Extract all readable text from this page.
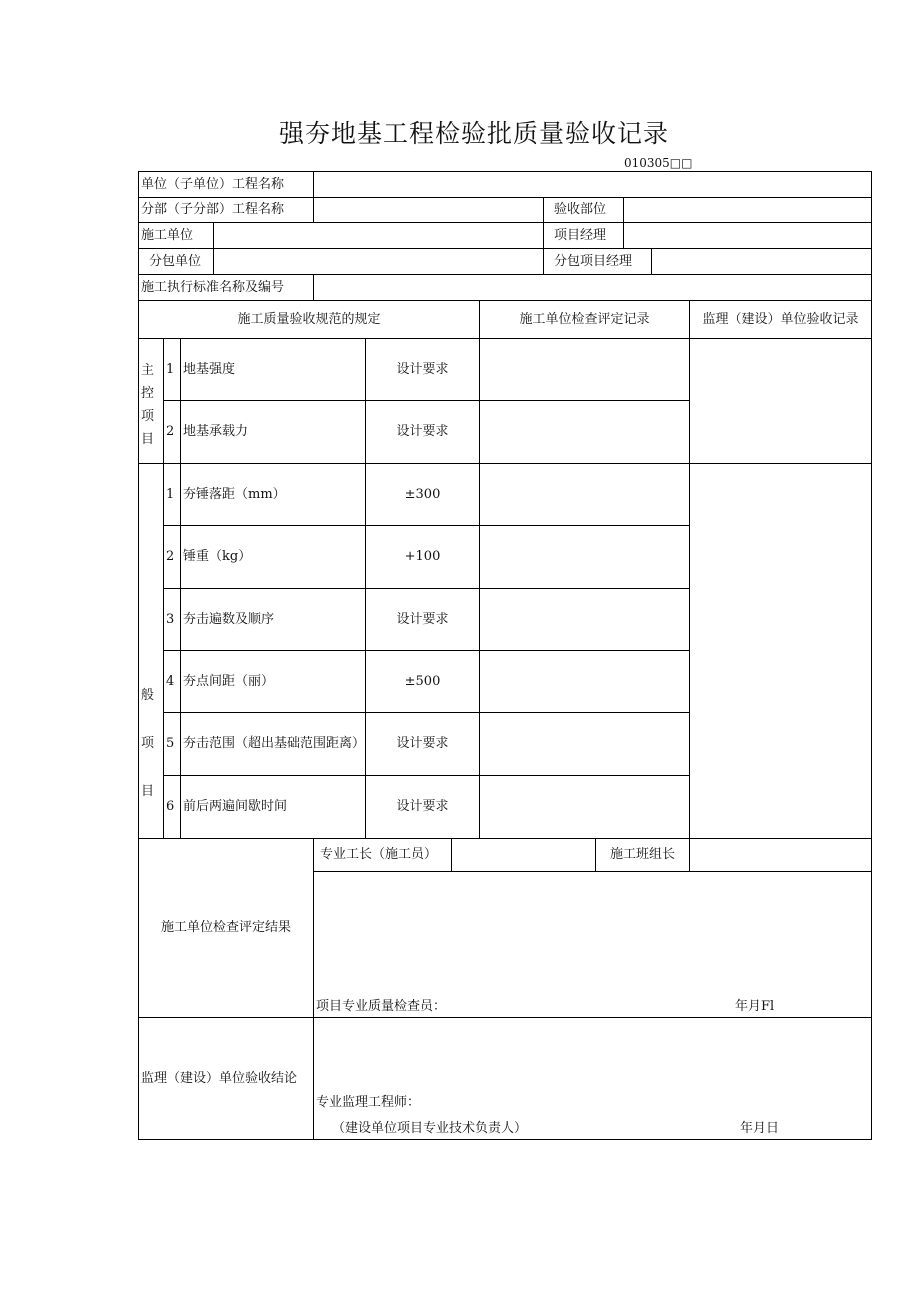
强夯地基工程检验批质量验收记录
010305□□
单位（子单位）工程名称
分部（子分部）工程名称	验收部位
施工单位	项目经理
分包单位	分包项目经理
施工执行标准名称及编号
施工质量验收规范的规定	施工单位检查评定记录	监理（建设）单位验收记录
主
控
项
目
1 地基强度	设计要求
2 地基承载力	设计要求
般
项
目
1 夯锤落距（mm）	±300
2 锤重（kg）	+100
3 夯击遍数及顺序	设计要求
4 夯点间距（丽）	±500
5 夯击范围（超出基础范围距离）	设计要求
6 前后两遍间歇时间	设计要求
施工单位检查评定结果
专业工长（施工员）	施工班组长
项目专业质量检查员：	年月Fl
监理（建设）单位验收结论
专业监理工程师：
（建设单位项目专业技术负责人）	年月日
